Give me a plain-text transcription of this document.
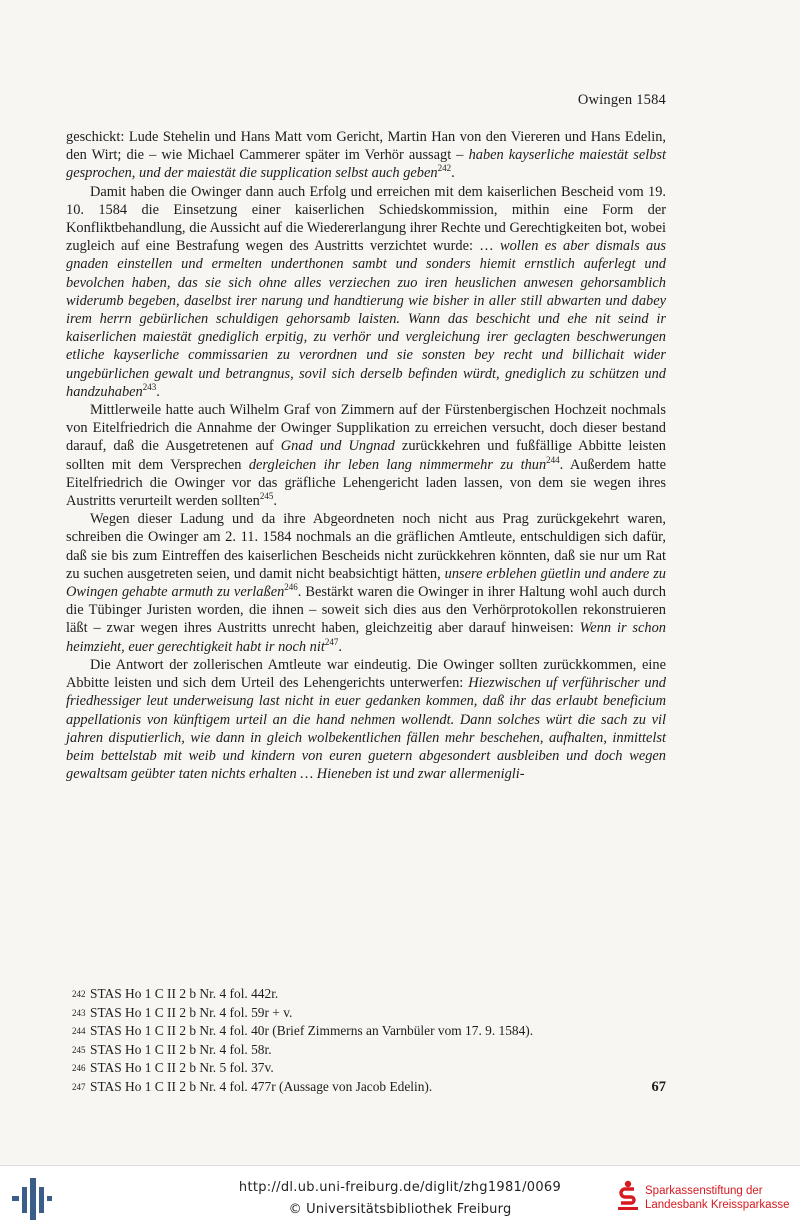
Owingen 1584

geschickt: Lude Stehelin und Hans Matt vom Gericht, Martin Han von den Viereren und Hans Edelin, den Wirt; die – wie Michael Cammerer später im Verhör aussagt – haben kayserliche maiestät selbst gesprochen, und der maiestät die supplication selbst auch geben$^{242}$.

Damit haben die Owinger dann auch Erfolg und erreichen mit dem kaiserlichen Bescheid vom 19. 10. 1584 die Einsetzung einer kaiserlichen Schiedskommission, mithin eine Form der Konfliktbehandlung, die Aussicht auf die Wiedererlangung ihrer Rechte und Gerechtigkeiten bot, wobei zugleich auf eine Bestrafung wegen des Austritts verzichtet wurde: … wollen es aber dismals aus gnaden einstellen und ermelten underthonen sambt und sonders hiemit ernstlich auferlegt und bevolchen haben, das sie sich ohne alles verziechen zuo iren heuslichen anwesen gehorsamblich widerumb begeben, daselbst irer narung und handtierung wie bisher in aller still abwarten und dabey irem herrn gebürlichen schuldigen gehorsamb laisten. Wann das beschicht und ehe nit seind ir kaiserlichen maiestät gnediglich erpitig, zu verhör und vergleichung irer geclagten beschwerungen etliche kayserliche commissarien zu verordnen und sie sonsten bey recht und billichait wider ungebürlichen gewalt und betrangnus, sovil sich derselb befinden würdt, gnediglich zu schützen und handzuhaben$^{243}$.

Mittlerweile hatte auch Wilhelm Graf von Zimmern auf der Fürstenbergischen Hochzeit nochmals von Eitelfriedrich die Annahme der Owinger Supplikation zu erreichen versucht, doch dieser bestand darauf, daß die Ausgetretenen auf Gnad und Ungnad zurückkehren und fußfällige Abbitte leisten sollten mit dem Versprechen dergleichen ihr leben lang nimmermehr zu thun$^{244}$. Außerdem hatte Eitelfriedrich die Owinger vor das gräfliche Lehengericht laden lassen, von dem sie wegen ihres Austritts verurteilt werden sollten$^{245}$.

Wegen dieser Ladung und da ihre Abgeordneten noch nicht aus Prag zurückgekehrt waren, schreiben die Owinger am 2. 11. 1584 nochmals an die gräflichen Amtleute, entschuldigen sich dafür, daß sie bis zum Eintreffen des kaiserlichen Bescheids nicht zurückkehren könnten, daß sie nur um Rat zu suchen ausgetreten seien, und damit nicht beabsichtigt hätten, unsere erblehen güetlin und andere zu Owingen gehabte armuth zu verlaßen$^{246}$. Bestärkt waren die Owinger in ihrer Haltung wohl auch durch die Tübinger Juristen worden, die ihnen – soweit sich dies aus den Verhörprotokollen rekonstruieren läßt – zwar wegen ihres Austritts unrecht haben, gleichzeitig aber darauf hinweisen: Wenn ir schon heimzieht, euer gerechtigkeit habt ir noch nit$^{247}$.

Die Antwort der zollerischen Amtleute war eindeutig. Die Owinger sollten zurückkommen, eine Abbitte leisten und sich dem Urteil des Lehengerichts unterwerfen: Hiezwischen uf verführischer und friedhessiger leut underweisung last nicht in euer gedanken kommen, daß ihr das erlaubt beneficium appellationis von künftigem urteil an die hand nehmen wollendt. Dann solches würt die sach zu vil jahren disputierlich, wie dann in gleich wolbekentlichen fällen mehr beschehen, aufhalten, inmittelst beim bettelstab mit weib und kindern von euren guetern abgesondert ausbleiben und doch wegen gewaltsam geübter taten nichts erhalten … Hieneben ist und zwar allermenigli-

242 STAS Ho 1 C II 2 b Nr. 4 fol. 442r.
243 STAS Ho 1 C II 2 b Nr. 4 fol. 59r + v.
244 STAS Ho 1 C II 2 b Nr. 4 fol. 40r (Brief Zimmerns an Varnbüler vom 17. 9. 1584).
245 STAS Ho 1 C II 2 b Nr. 4 fol. 58r.
246 STAS Ho 1 C II 2 b Nr. 5 fol. 37v.
247 STAS Ho 1 C II 2 b Nr. 4 fol. 477r (Aussage von Jacob Edelin).	67
http://dl.ub.uni-freiburg.de/diglit/zhg1981/0069
© Universitätsbibliothek Freiburg
Sparkassenstiftung der
Landesbank Kreissparkasse
